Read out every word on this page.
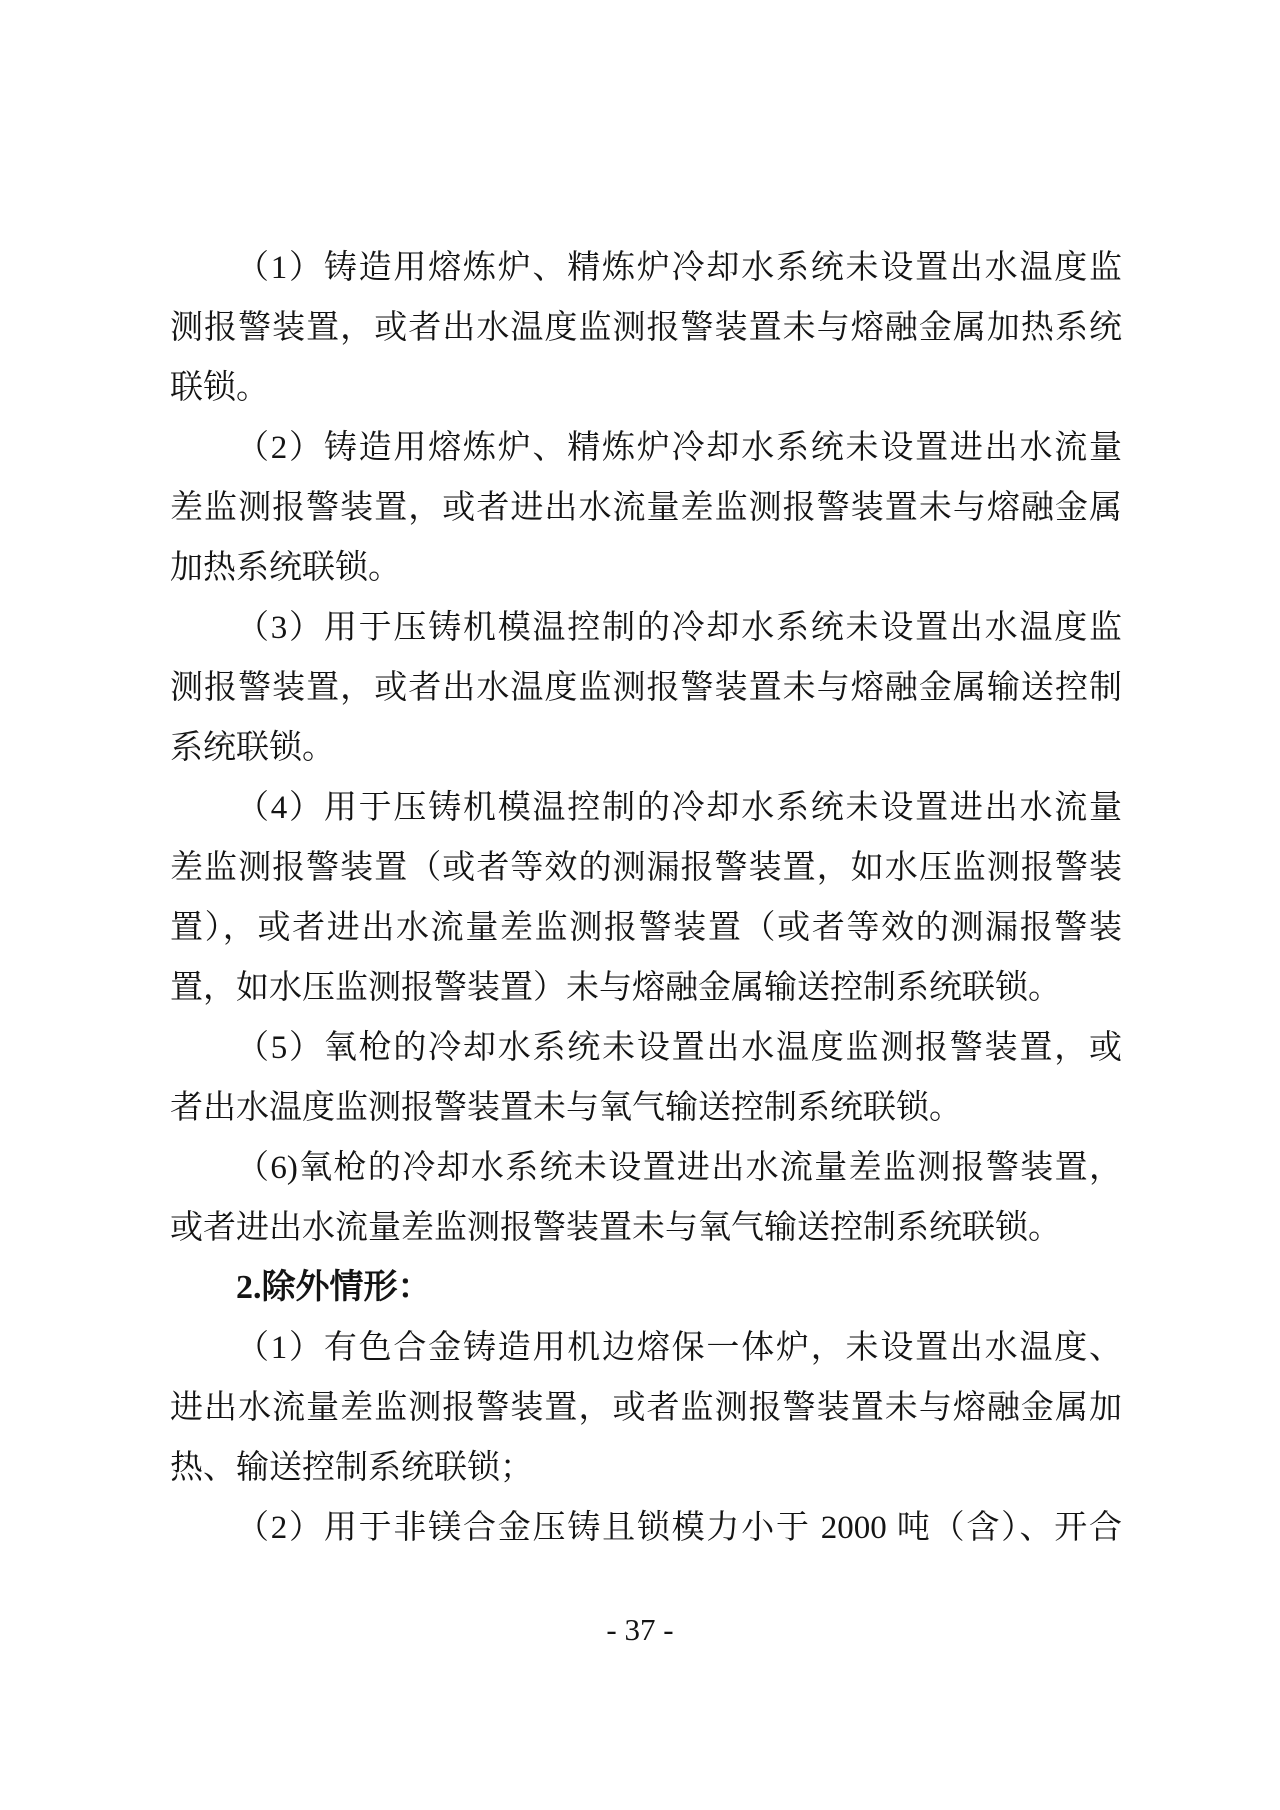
（1）铸造用熔炼炉、精炼炉冷却水系统未设置出水温度监
测报警装置，或者出水温度监测报警装置未与熔融金属加热系统
联锁。
（2）铸造用熔炼炉、精炼炉冷却水系统未设置进出水流量
差监测报警装置，或者进出水流量差监测报警装置未与熔融金属
加热系统联锁。
（3）用于压铸机模温控制的冷却水系统未设置出水温度监
测报警装置，或者出水温度监测报警装置未与熔融金属输送控制
系统联锁。
（4）用于压铸机模温控制的冷却水系统未设置进出水流量
差监测报警装置（或者等效的测漏报警装置，如水压监测报警装
置），或者进出水流量差监测报警装置（或者等效的测漏报警装
置，如水压监测报警装置）未与熔融金属输送控制系统联锁。
（5）氧枪的冷却水系统未设置出水温度监测报警装置，或
者出水温度监测报警装置未与氧气输送控制系统联锁。
（6)氧枪的冷却水系统未设置进出水流量差监测报警装置，
或者进出水流量差监测报警装置未与氧气输送控制系统联锁。
2.除外情形：
（1）有色合金铸造用机边熔保一体炉，未设置出水温度、
进出水流量差监测报警装置，或者监测报警装置未与熔融金属加
热、输送控制系统联锁；
（2）用于非镁合金压铸且锁模力小于 2000 吨（含）、开合
- 37 -
